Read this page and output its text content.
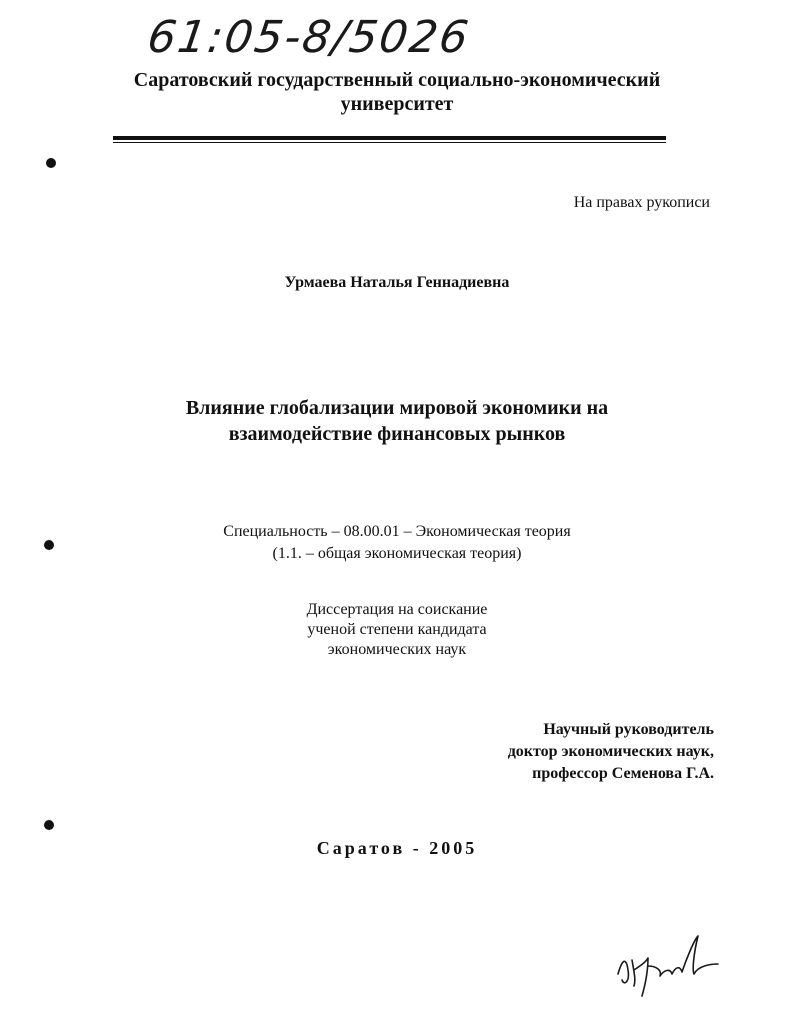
61:05-8/5026
Саратовский государственный социально-экономический
университет
На правах рукописи
Урмаева Наталья Геннадиевна
Влияние глобализации мировой экономики на
взаимодействие финансовых рынков
Специальность – 08.00.01 – Экономическая теория
(1.1. – общая экономическая теория)
Диссертация на соискание
ученой степени кандидата
экономических наук
Научный руководитель
доктор экономических наук,
профессор Семенова Г.А.
Саратов - 2005
